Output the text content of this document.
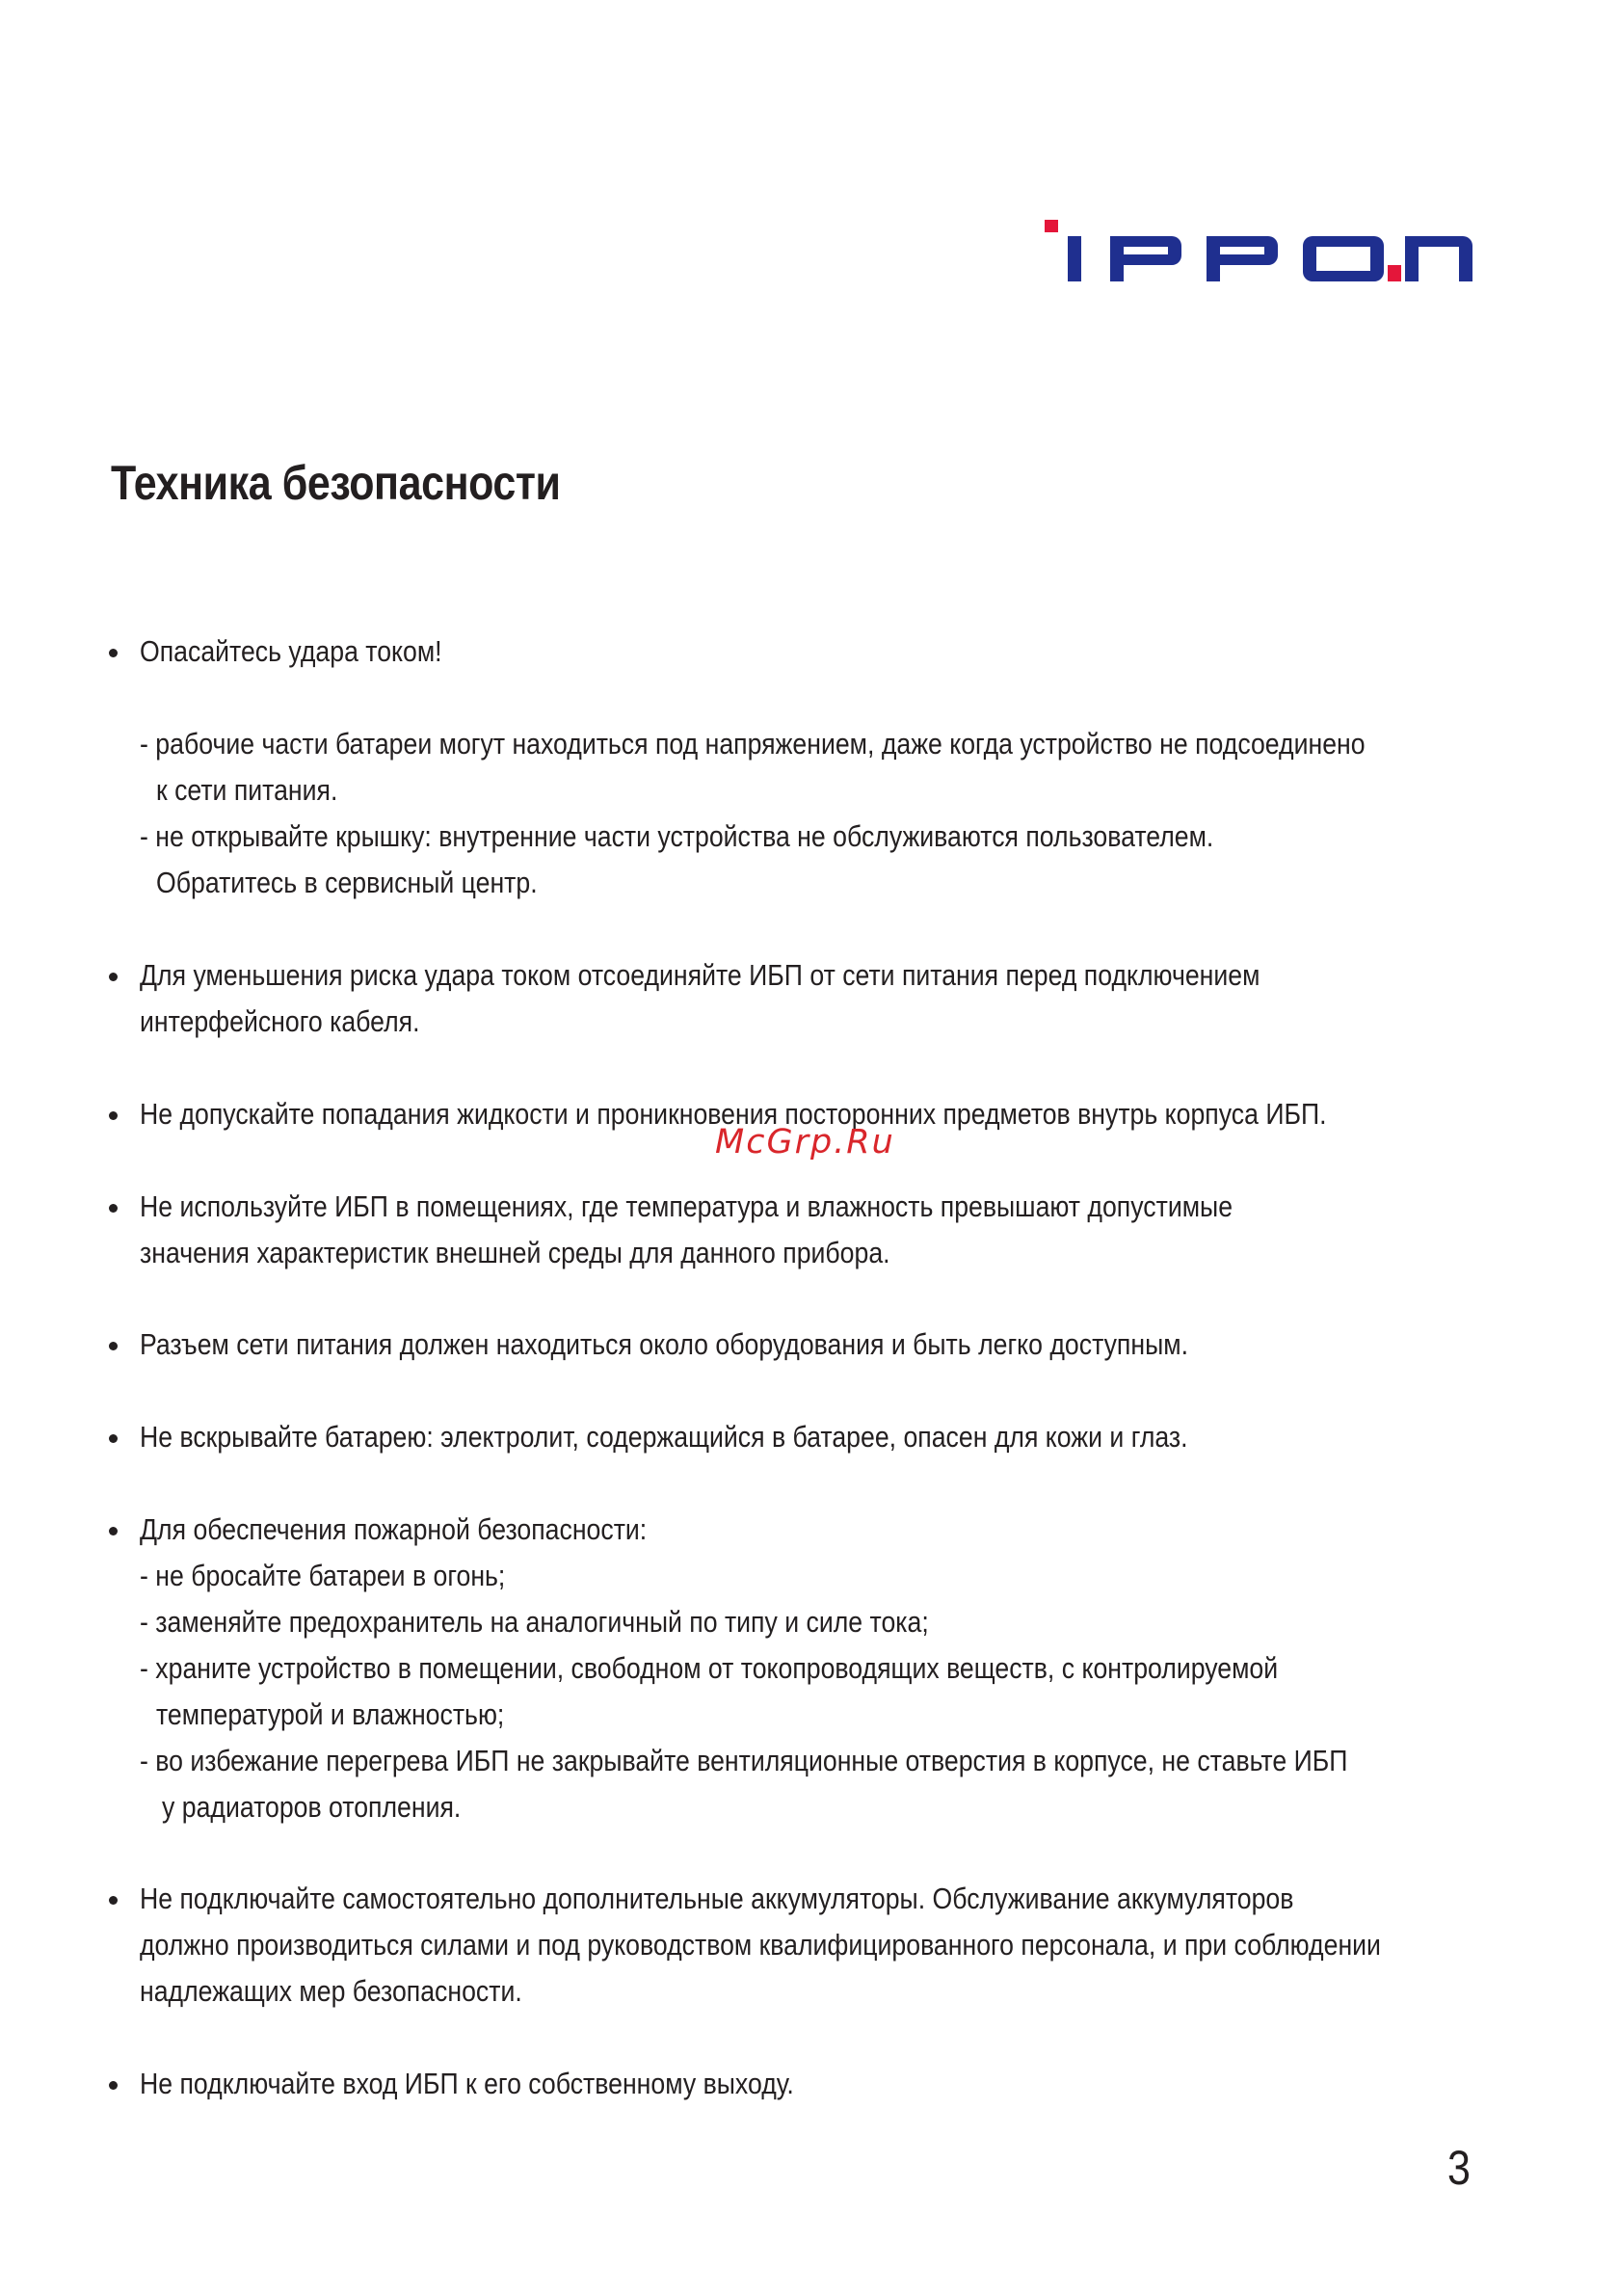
Техника безопасности
Опасайтесь удара током!
- рабочие части батареи могут находиться под напряжением, даже когда устройство не подсоединено
к сети питания.
- не открывайте крышку: внутренние части устройства не обслуживаются пользователем.
Обратитесь в сервисный центр.
Для уменьшения риска удара током отсоединяйте ИБП от сети питания перед подключением
интерфейсного кабеля.
Не допускайте попадания жидкости и проникновения посторонних предметов внутрь корпуса ИБП.
Не используйте ИБП в помещениях, где температура и влажность превышают допустимые
значения характеристик внешней среды для данного прибора.
Разъем сети питания должен находиться около оборудования и быть легко доступным.
Не вскрывайте батарею: электролит, содержащийся в батарее, опасен для кожи и глаз.
Для обеспечения пожарной безопасности:
- не бросайте батареи в огонь;
- заменяйте предохранитель на аналогичный по типу и силе тока;
- храните устройство в помещении, свободном от токопроводящих веществ, с контролируемой
температурой и влажностью;
- во избежание перегрева ИБП не закрывайте вентиляционные отверстия в корпусе, не ставьте ИБП
у радиаторов отопления.
Не подключайте самостоятельно дополнительные аккумуляторы. Обслуживание аккумуляторов
должно производиться силами и под руководством квалифицированного персонала, и при соблюдении
надлежащих мер безопасности.
Не подключайте вход ИБП к его собственному выходу.
McGrp.Ru
3
